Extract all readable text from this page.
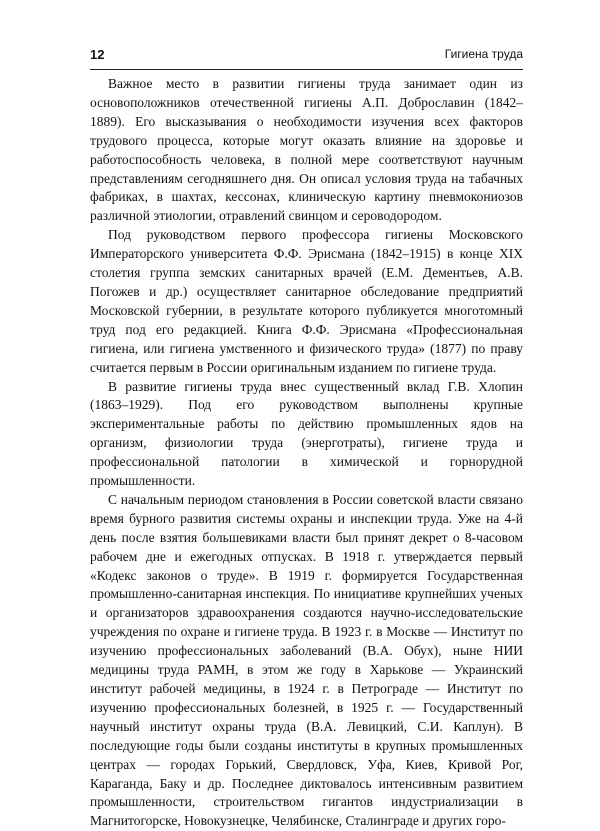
12	Гигиена труда

Важное место в развитии гигиены труда занимает один из основоположников отечественной гигиены А.П. Доброславин (1842–1889). Его высказывания о необходимости изучения всех факторов трудового процесса, которые могут оказать влияние на здоровье и работоспособность человека, в полной мере соответствуют научным представлениям сегодняшнего дня. Он описал условия труда на табачных фабриках, в шахтах, кессонах, клиническую картину пневмокониозов различной этиологии, отравлений свинцом и сероводородом.

Под руководством первого профессора гигиены Московского Императорского университета Ф.Ф. Эрисмана (1842–1915) в конце XIX столетия группа земских санитарных врачей (Е.М. Дементьев, А.В. Погожев и др.) осуществляет санитарное обследование предприятий Московской губернии, в результате которого публикуется многотомный труд под его редакцией. Книга Ф.Ф. Эрисмана «Профессиональная гигиена, или гигиена умственного и физического труда» (1877) по праву считается первым в России оригинальным изданием по гигиене труда.

В развитие гигиены труда внес существенный вклад Г.В. Хлопин (1863–1929). Под его руководством выполнены крупные экспериментальные работы по действию промышленных ядов на организм, физиологии труда (энерготраты), гигиене труда и профессиональной патологии в химической и горнорудной промышленности.

С начальным периодом становления в России советской власти связано время бурного развития системы охраны и инспекции труда. Уже на 4-й день после взятия большевиками власти был принят декрет о 8-часовом рабочем дне и ежегодных отпусках. В 1918 г. утверждается первый «Кодекс законов о труде». В 1919 г. формируется Государственная промышленно-санитарная инспекция. По инициативе крупнейших ученых и организаторов здравоохранения создаются научно-исследовательские учреждения по охране и гигиене труда. В 1923 г. в Москве — Институт по изучению профессиональных заболеваний (В.А. Обух), ныне НИИ медицины труда РАМН, в этом же году в Харькове — Украинский институт рабочей медицины, в 1924 г. в Петрограде — Институт по изучению профессиональных болезней, в 1925 г. — Государственный научный институт охраны труда (В.А. Левицкий, С.И. Каплун). В последующие годы были созданы институты в крупных промышленных центрах — городах Горький, Свердловск, Уфа, Киев, Кривой Рог, Караганда, Баку и др. Последнее диктовалось интенсивным развитием промышленности, строительством гигантов индустриализации в Магнитогорске, Новокузнецке, Челябинске, Сталинграде и других горо-
